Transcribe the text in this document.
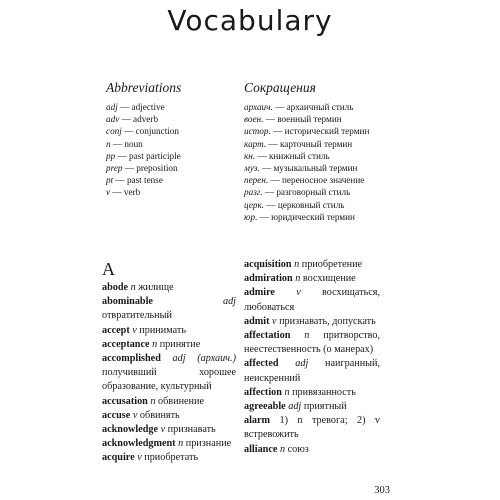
Vocabulary
Abbreviations
adj — adjective
adv — adverb
conj — conjunction
n — noun
pp — past participle
prep — preposition
pt — past tense
v — verb
Сокращения
архаич. — архаичный стиль
воен. — военный термин
истор. — исторический термин
карт. — карточный термин
кн. — книжный стиль
муз. — музыкальный термин
перен. — переносное значение
разг. — разговорный стиль
церк. — церковный стиль
юр. — юридический термин
A
abode n жилище
abominable	adj отвратительный
accept v принимать
acceptance n принятие
accomplished adj (архаич.) получивший хорошее образование, культурный
accusation n обвинение
accuse v обвинять
acknowledge v признавать
acknowledgment n признание
acquire v приобретать
acquisition n приобретение
admiration n восхищение
admire v восхищаться, любоваться
admit v признавать, допускать
affectation n притворство, неестественность (о манерах)
affected adj наигранный, неискренний
affection n привязанность
agreeable adj приятный
alarm 1) n тревога; 2) v встревожить
alliance n союз
303
